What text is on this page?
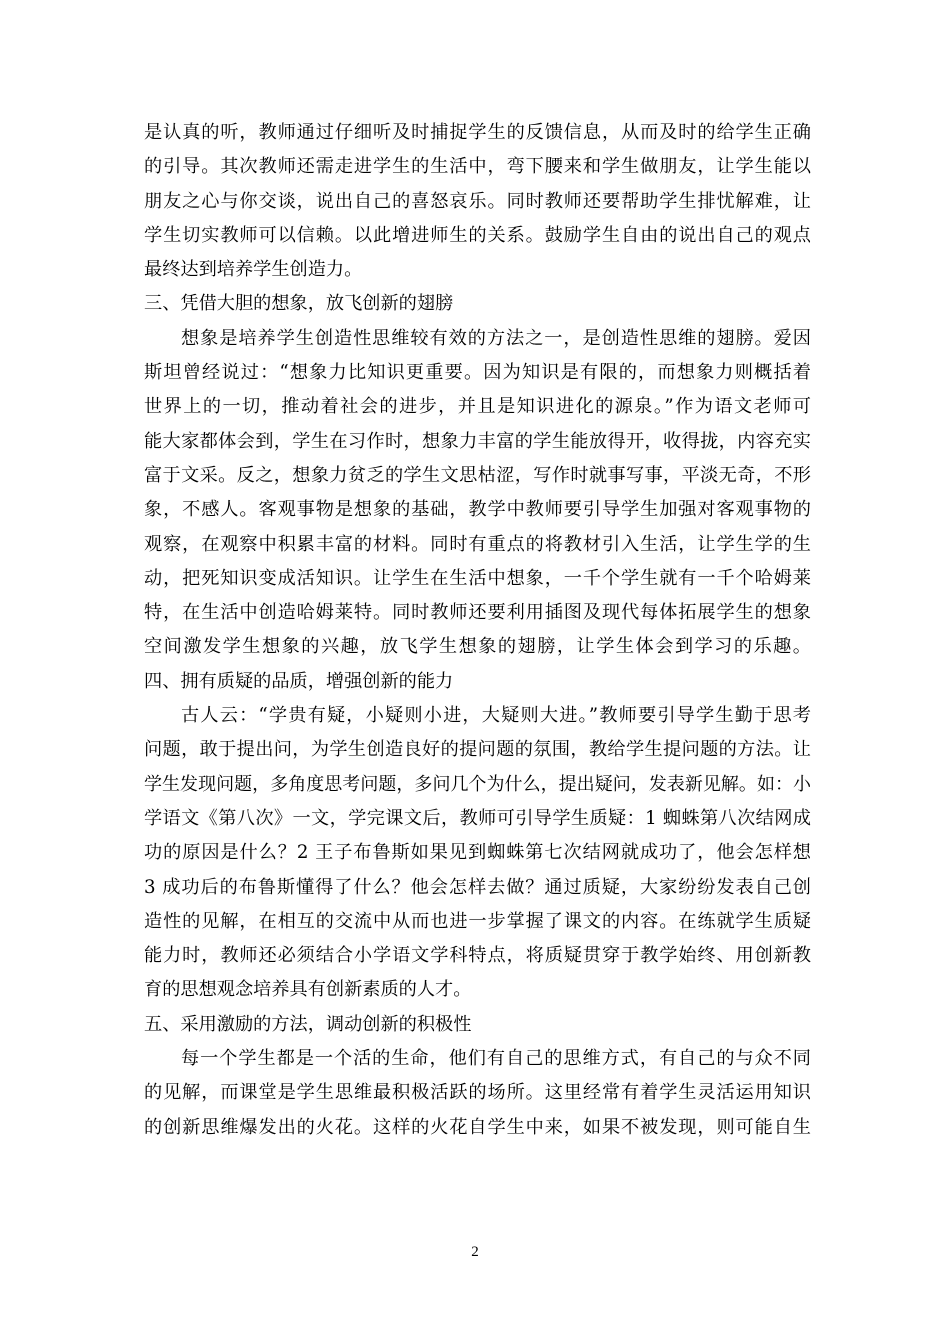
是认真的听，教师通过仔细听及时捕捉学生的反馈信息，从而及时的给学生正确
的引导。其次教师还需走进学生的生活中，弯下腰来和学生做朋友，让学生能以
朋友之心与你交谈，说出自己的喜怒哀乐。同时教师还要帮助学生排忧解难，让
学生切实教师可以信赖。以此增进师生的关系。鼓励学生自由的说出自己的观点
最终达到培养学生创造力。
三、凭借大胆的想象，放飞创新的翅膀
想象是培养学生创造性思维较有效的方法之一，是创造性思维的翅膀。爱因
斯坦曾经说过：“想象力比知识更重要。因为知识是有限的，而想象力则概括着
世界上的一切，推动着社会的进步，并且是知识进化的源泉。”作为语文老师可
能大家都体会到，学生在习作时，想象力丰富的学生能放得开，收得拢，内容充实
富于文采。反之，想象力贫乏的学生文思枯涩，写作时就事写事，平淡无奇，不形
象，不感人。客观事物是想象的基础，教学中教师要引导学生加强对客观事物的
观察，在观察中积累丰富的材料。同时有重点的将教材引入生活，让学生学的生
动，把死知识变成活知识。让学生在生活中想象，一千个学生就有一千个哈姆莱
特，在生活中创造哈姆莱特。同时教师还要利用插图及现代每体拓展学生的想象
空间激发学生想象的兴趣，放飞学生想象的翅膀，让学生体会到学习的乐趣。
四、拥有质疑的品质，增强创新的能力
古人云：“学贵有疑，小疑则小进，大疑则大进。”教师要引导学生勤于思考
问题，敢于提出问，为学生创造良好的提问题的氛围，教给学生提问题的方法。让
学生发现问题，多角度思考问题，多问几个为什么，提出疑问，发表新见解。如：小
学语文《第八次》一文，学完课文后，教师可引导学生质疑：1 蜘蛛第八次结网成
功的原因是什么？2 王子布鲁斯如果见到蜘蛛第七次结网就成功了，他会怎样想
3 成功后的布鲁斯懂得了什么？他会怎样去做？通过质疑，大家纷纷发表自己创
造性的见解，在相互的交流中从而也进一步掌握了课文的内容。在练就学生质疑
能力时，教师还必须结合小学语文学科特点，将质疑贯穿于教学始终、用创新教
育的思想观念培养具有创新素质的人才。
五、采用激励的方法，调动创新的积极性
每一个学生都是一个活的生命，他们有自己的思维方式，有自己的与众不同
的见解，而课堂是学生思维最积极活跃的场所。这里经常有着学生灵活运用知识
的创新思维爆发出的火花。这样的火花自学生中来，如果不被发现，则可能自生
2
